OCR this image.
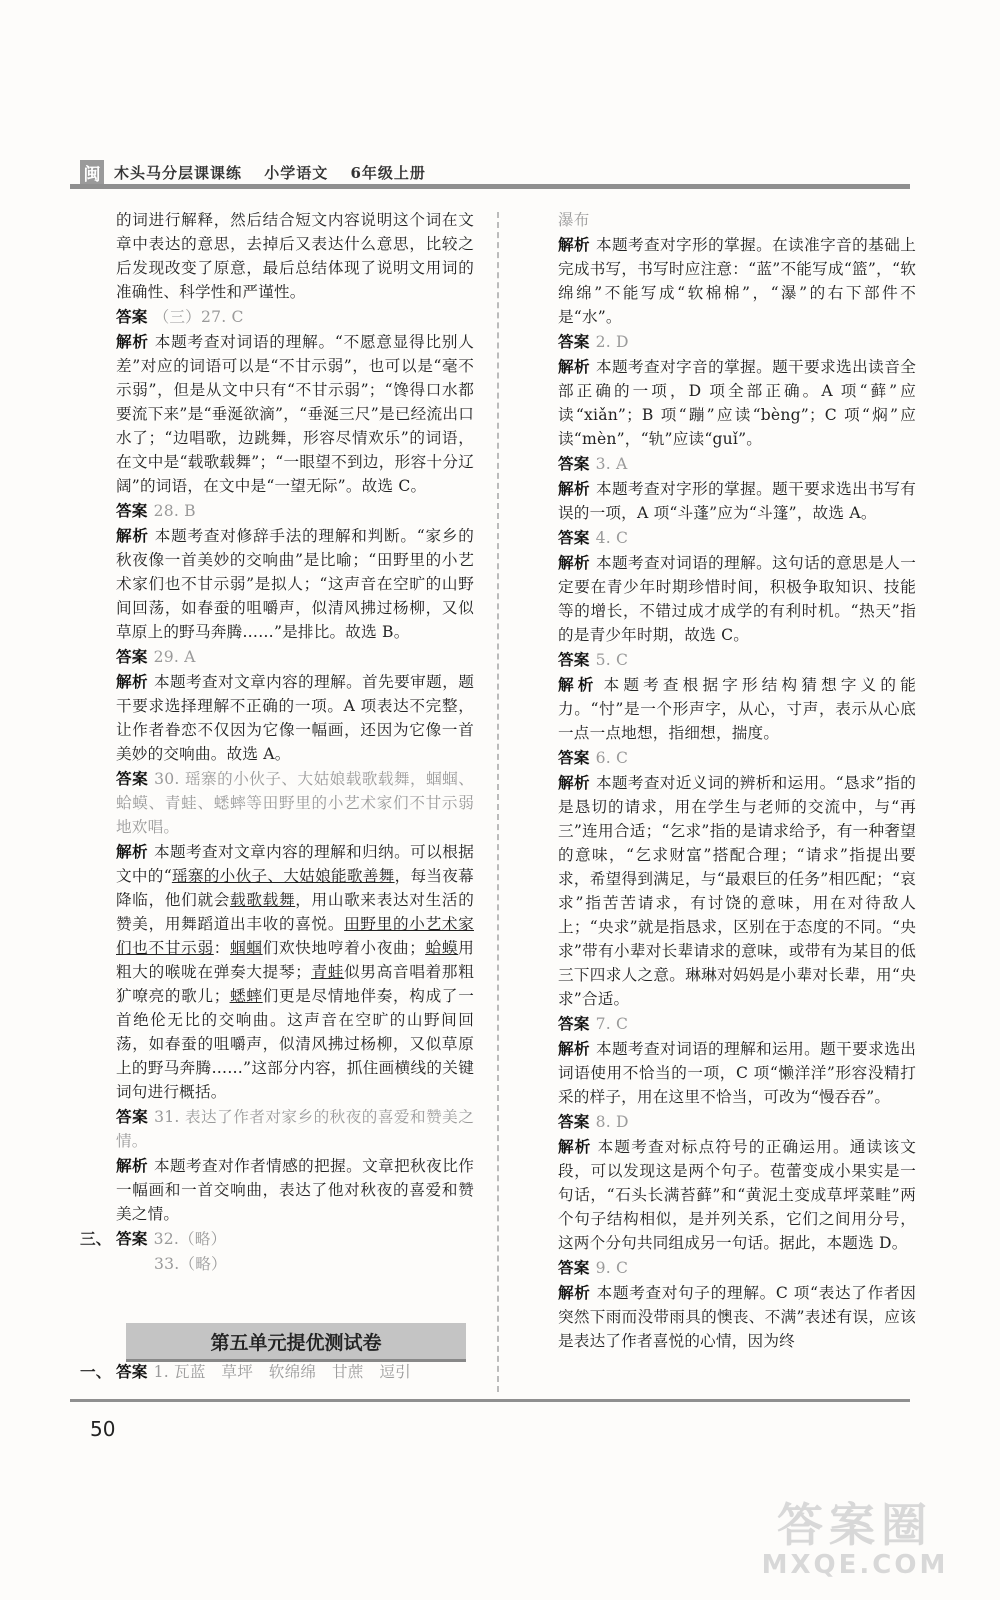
闽 木头马分层课课练 小学语文 6年级上册

的词进行解释，然后结合短文内容说明这个词在文章中表达的意思，去掉后又表达什么意思，比较之后发现改变了原意，最后总结体现了说明文用词的准确性、科学性和严谨性。

答案 （三）27. C

解析 本题考查对词语的理解。“不愿意显得比别人差”对应的词语可以是“不甘示弱”，也可以是“毫不示弱”，但是从文中只有“不甘示弱”；“馋得口水都要流下来”是“垂涎欲滴”，“垂涎三尺”是已经流出口水了；“边唱歌，边跳舞，形容尽情欢乐”的词语，在文中是“载歌载舞”；“一眼望不到边，形容十分辽阔”的词语，在文中是“一望无际”。故选 C。

答案 28. B

解析 本题考查对修辞手法的理解和判断。“家乡的秋夜像一首美妙的交响曲”是比喻；“田野里的小艺术家们也不甘示弱”是拟人；“这声音在空旷的山野间回荡，如春蚕的咀嚼声，似清风拂过杨柳，又似草原上的野马奔腾……”是排比。故选 B。

答案 29. A

解析 本题考查对文章内容的理解。首先要审题，题干要求选择理解不正确的一项。A 项表达不完整，让作者眷恋不仅因为它像一幅画，还因为它像一首美妙的交响曲。故选 A。

答案 30. 瑶寨的小伙子、大姑娘载歌载舞，蝈蝈、蛤蟆、青蛙、蟋蟀等田野里的小艺术家们不甘示弱地欢唱。

解析 本题考查对文章内容的理解和归纳。可以根据文中的“瑶寨的小伙子、大姑娘能歌善舞，每当夜幕降临，他们就会载歌载舞，用山歌来表达对生活的赞美，用舞蹈道出丰收的喜悦。田野里的小艺术家们也不甘示弱：蝈蝈们欢快地哼着小夜曲；蛤蟆用粗大的喉咙在弹奏大提琴；青蛙似男高音唱着那粗犷嘹亮的歌儿；蟋蟀们更是尽情地伴奏，构成了一首绝伦无比的交响曲。这声音在空旷的山野间回荡，如春蚕的咀嚼声，似清风拂过杨柳，又似草原上的野马奔腾……”这部分内容，抓住画横线的关键词句进行概括。

答案 31. 表达了作者对家乡的秋夜的喜爱和赞美之情。

解析 本题考查对作者情感的把握。文章把秋夜比作一幅画和一首交响曲，表达了他对秋夜的喜爱和赞美之情。

三、 答案 32.（略）

33.（略）

第五单元提优测试卷

一、 答案 1. 瓦蓝　草坪　软绵绵　甘蔗　逗引

瀑布

解析 本题考查对字形的掌握。在读准字音的基础上完成书写，书写时应注意：“蓝”不能写成“篮”，“软绵绵”不能写成“软棉棉”，“瀑”的右下部件不是“水”。

答案 2. D

解析 本题考查对字音的掌握。题干要求选出读音全部正确的一项，D 项全部正确。A 项“藓”应读“xiǎn”；B 项“蹦”应读“bèng”；C 项“焖”应读“mèn”，“轨”应读“guǐ”。

答案 3. A

解析 本题考查对字形的掌握。题干要求选出书写有误的一项，A 项“斗蓬”应为“斗篷”，故选 A。

答案 4. C

解析 本题考查对词语的理解。这句话的意思是人一定要在青少年时期珍惜时间，积极争取知识、技能等的增长，不错过成才成学的有利时机。“热天”指的是青少年时期，故选 C。

答案 5. C

解析 本题考查根据字形结构猜想字义的能力。“忖”是一个形声字，从心，寸声，表示从心底一点一点地想，指细想，揣度。

答案 6. C

解析 本题考查对近义词的辨析和运用。“恳求”指的是恳切的请求，用在学生与老师的交流中，与“再三”连用合适；“乞求”指的是请求给予，有一种奢望的意味，“乞求财富”搭配合理；“请求”指提出要求，希望得到满足，与“最艰巨的任务”相匹配；“哀求”指苦苦请求，有讨饶的意味，用在对待敌人上；“央求”就是指恳求，区别在于态度的不同。“央求”带有小辈对长辈请求的意味，或带有为某目的低三下四求人之意。琳琳对妈妈是小辈对长辈，用“央求”合适。

答案 7. C

解析 本题考查对词语的理解和运用。题干要求选出词语使用不恰当的一项，C 项“懒洋洋”形容没精打采的样子，用在这里不恰当，可改为“慢吞吞”。

答案 8. D

解析 本题考查对标点符号的正确运用。通读该文段，可以发现这是两个句子。苞蕾变成小果实是一句话，“石头长满苔藓”和“黄泥土变成草坪菜畦”两个句子结构相似，是并列关系，它们之间用分号，这两个分句共同组成另一句话。据此，本题选 D。

答案 9. C

解析 本题考查对句子的理解。C 项“表达了作者因突然下雨而没带雨具的懊丧、不满”表述有误，应该是表达了作者喜悦的心情，因为终

50
答案圈
MXQE.COM
